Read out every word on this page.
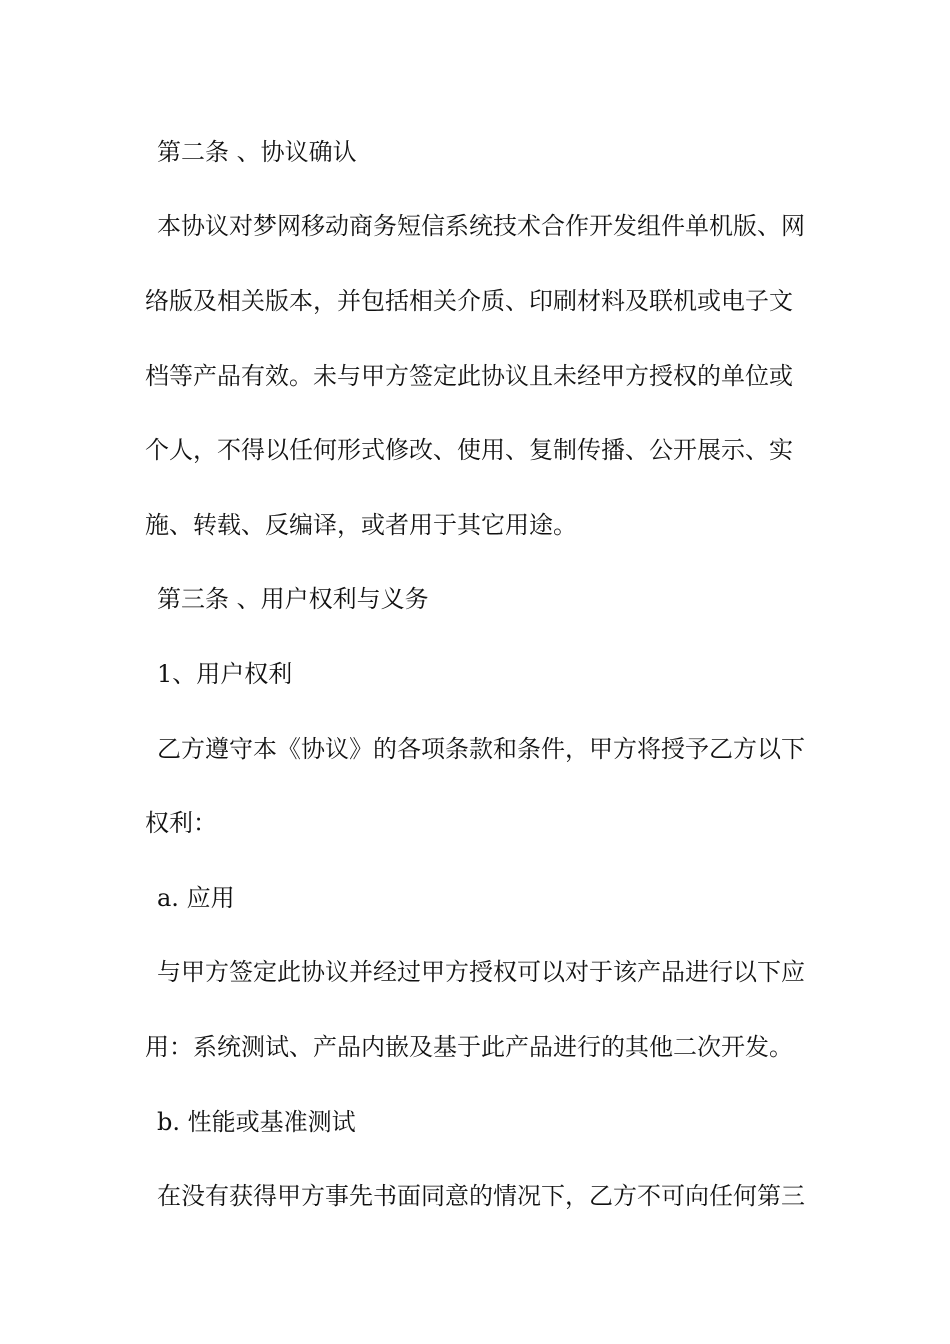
第二条 、协议确认

本协议对梦网移动商务短信系统技术合作开发组件单机版、网

络版及相关版本，并包括相关介质、印刷材料及联机或电子文

档等产品有效。未与甲方签定此协议且未经甲方授权的单位或

个人，不得以任何形式修改、使用、复制传播、公开展示、实

施、转载、反编译，或者用于其它用途。

第三条 、用户权利与义务

1、用户权利

乙方遵守本《协议》的各项条款和条件，甲方将授予乙方以下

权利：

a. 应用

与甲方签定此协议并经过甲方授权可以对于该产品进行以下应

用：系统测试、产品内嵌及基于此产品进行的其他二次开发。

b. 性能或基准测试

在没有获得甲方事先书面同意的情况下，乙方不可向任何第三
